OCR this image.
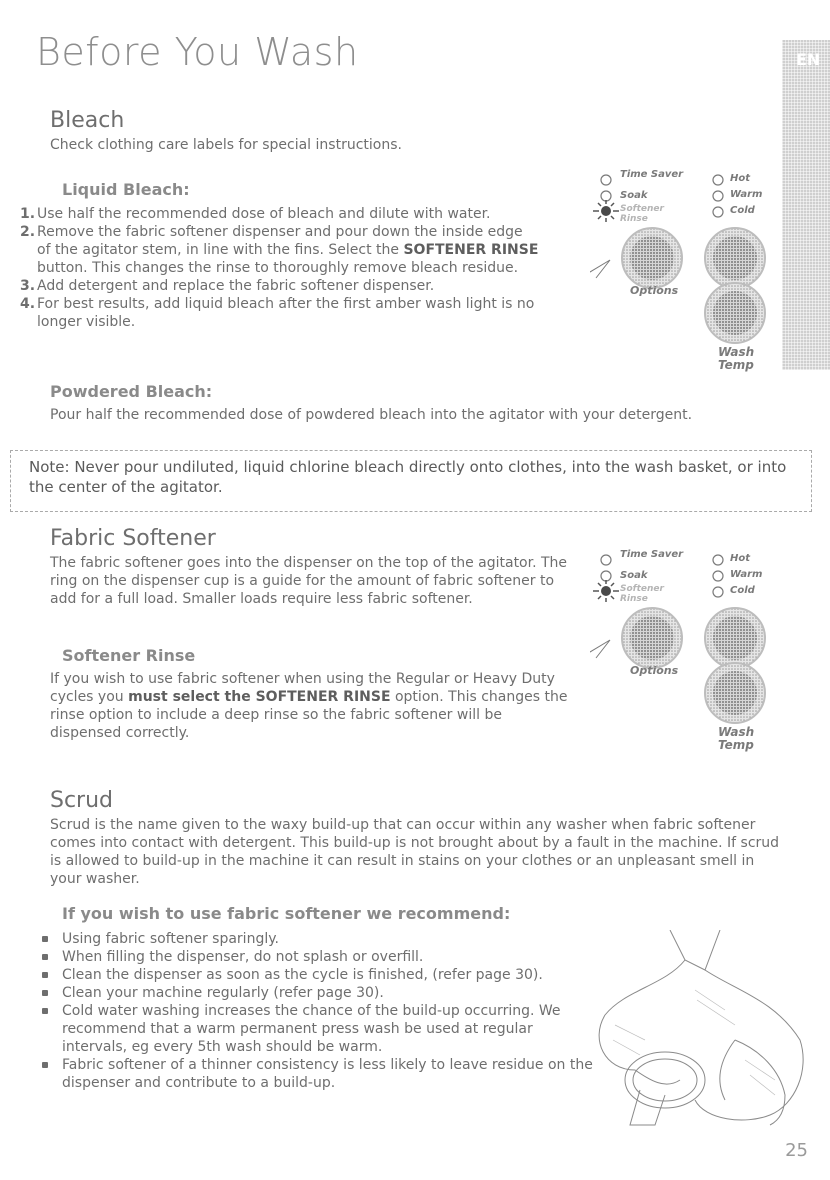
Before You Wash	EN
Bleach
Check clothing care labels for special instructions.
Liquid Bleach:
1. Use half the recommended dose of bleach and dilute with water.
2. Remove the fabric softener dispenser and pour down the inside edge of the agitator stem, in line with the fins. Select the SOFTENER RINSE button. This changes the rinse to thoroughly remove bleach residue.
3. Add detergent and replace the fabric softener dispenser.
4. For best results, add liquid bleach after the first amber wash light is no longer visible.
Time Saver
Soak
Softener Rinse
Hot
Warm
Cold
Options
Wash Temp
Powdered Bleach:
Pour half the recommended dose of powdered bleach into the agitator with your detergent.

Note: Never pour undiluted, liquid chlorine bleach directly onto clothes, into the wash basket, or into the center of the agitator.

Fabric Softener
The fabric softener goes into the dispenser on the top of the agitator. The ring on the dispenser cup is a guide for the amount of fabric softener to add for a full load. Smaller loads require less fabric softener.
Softener Rinse
If you wish to use fabric softener when using the Regular or Heavy Duty cycles you must select the SOFTENER RINSE option. This changes the rinse option to include a deep rinse so the fabric softener will be dispensed correctly.
Time Saver
Soak
Softener Rinse
Hot
Warm
Cold
Options
Wash Temp
Scrud
Scrud is the name given to the waxy build-up that can occur within any washer when fabric softener comes into contact with detergent. This build-up is not brought about by a fault in the machine. If scrud is allowed to build-up in the machine it can result in stains on your clothes or an unpleasant smell in your washer.
If you wish to use fabric softener we recommend:
Using fabric softener sparingly.
When filling the dispenser, do not splash or overfill.
Clean the dispenser as soon as the cycle is finished, (refer page 30).
Clean your machine regularly (refer page 30).
Cold water washing increases the chance of the build-up occurring. We recommend that a warm permanent press wash be used at regular intervals, eg every 5th wash should be warm.
Fabric softener of a thinner consistency is less likely to leave residue on the dispenser and contribute to a build-up.
25
